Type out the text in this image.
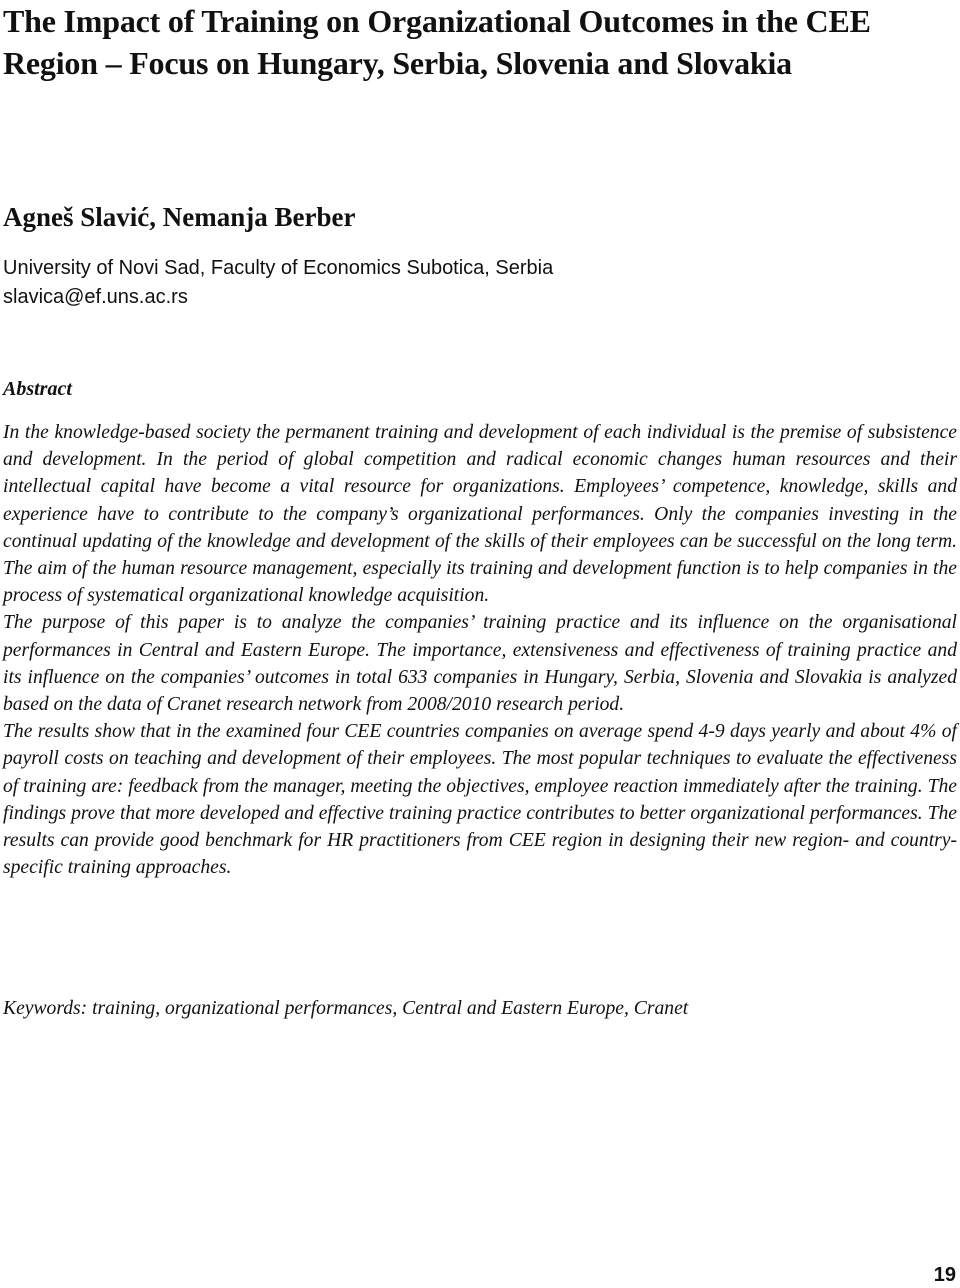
The Impact of Training on Organizational Outcomes in the CEE Region – Focus on Hungary, Serbia, Slovenia and Slovakia
Agneš Slavić, Nemanja Berber
University of Novi Sad, Faculty of Economics Subotica, Serbia
slavica@ef.uns.ac.rs
Abstract

In the knowledge-based society the permanent training and development of each individual is the premise of subsistence and development. In the period of global competition and radical economic changes human resources and their intellectual capital have become a vital resource for organizations. Employees’ competence, knowledge, skills and experience have to contribute to the company’s organizational performances. Only the companies investing in the continual updating of the knowledge and development of the skills of their employees can be successful on the long term. The aim of the human resource management, especially its training and development function is to help companies in the process of systematical organizational knowledge acquisition.

The purpose of this paper is to analyze the companies’ training practice and its influence on the organisational performances in Central and Eastern Europe. The importance, extensiveness and effectiveness of training practice and its influence on the companies’ outcomes in total 633 companies in Hungary, Serbia, Slovenia and Slovakia is analyzed based on the data of Cranet research network from 2008/2010 research period.

The results show that in the examined four CEE countries companies on average spend 4-9 days yearly and about 4% of payroll costs on teaching and development of their employees. The most popular techniques to evaluate the effectiveness of training are: feedback from the manager, meeting the objectives, employee reaction immediately after the training. The findings prove that more developed and effective training practice contributes to better organizational performances. The results can provide good benchmark for HR practitioners from CEE region in designing their new region- and country-specific training approaches.

Keywords: training, organizational performances, Central and Eastern Europe, Cranet

19
